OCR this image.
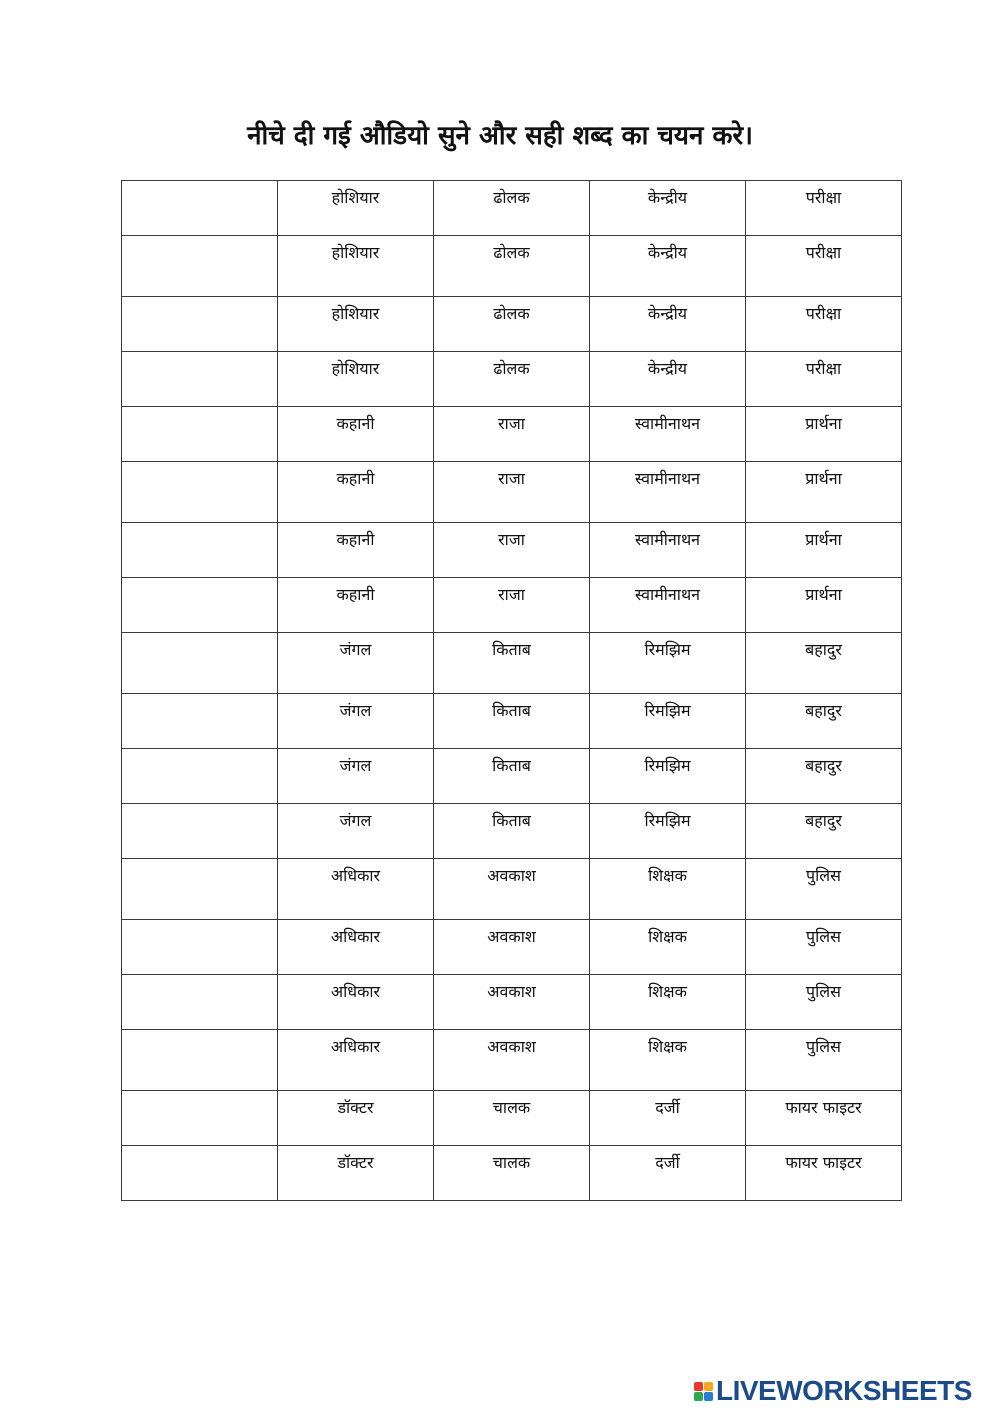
नीचे दी गई औडियो सुने और सही शब्द का चयन करे।
	होशियार	ढोलक	केन्द्रीय	परीक्षा
	होशियार	ढोलक	केन्द्रीय	परीक्षा
	होशियार	ढोलक	केन्द्रीय	परीक्षा
	होशियार	ढोलक	केन्द्रीय	परीक्षा
	कहानी	राजा	स्वामीनाथन	प्रार्थना
	कहानी	राजा	स्वामीनाथन	प्रार्थना
	कहानी	राजा	स्वामीनाथन	प्रार्थना
	कहानी	राजा	स्वामीनाथन	प्रार्थना
	जंगल	किताब	रिमझिम	बहादुर
	जंगल	किताब	रिमझिम	बहादुर
	जंगल	किताब	रिमझिम	बहादुर
	जंगल	किताब	रिमझिम	बहादुर
	अधिकार	अवकाश	शिक्षक	पुलिस
	अधिकार	अवकाश	शिक्षक	पुलिस
	अधिकार	अवकाश	शिक्षक	पुलिस
	अधिकार	अवकाश	शिक्षक	पुलिस
	डॉक्टर	चालक	दर्जी	फायर फाइटर
	डॉक्टर	चालक	दर्जी	फायर फाइटर
LIVEWORKSHEETS
